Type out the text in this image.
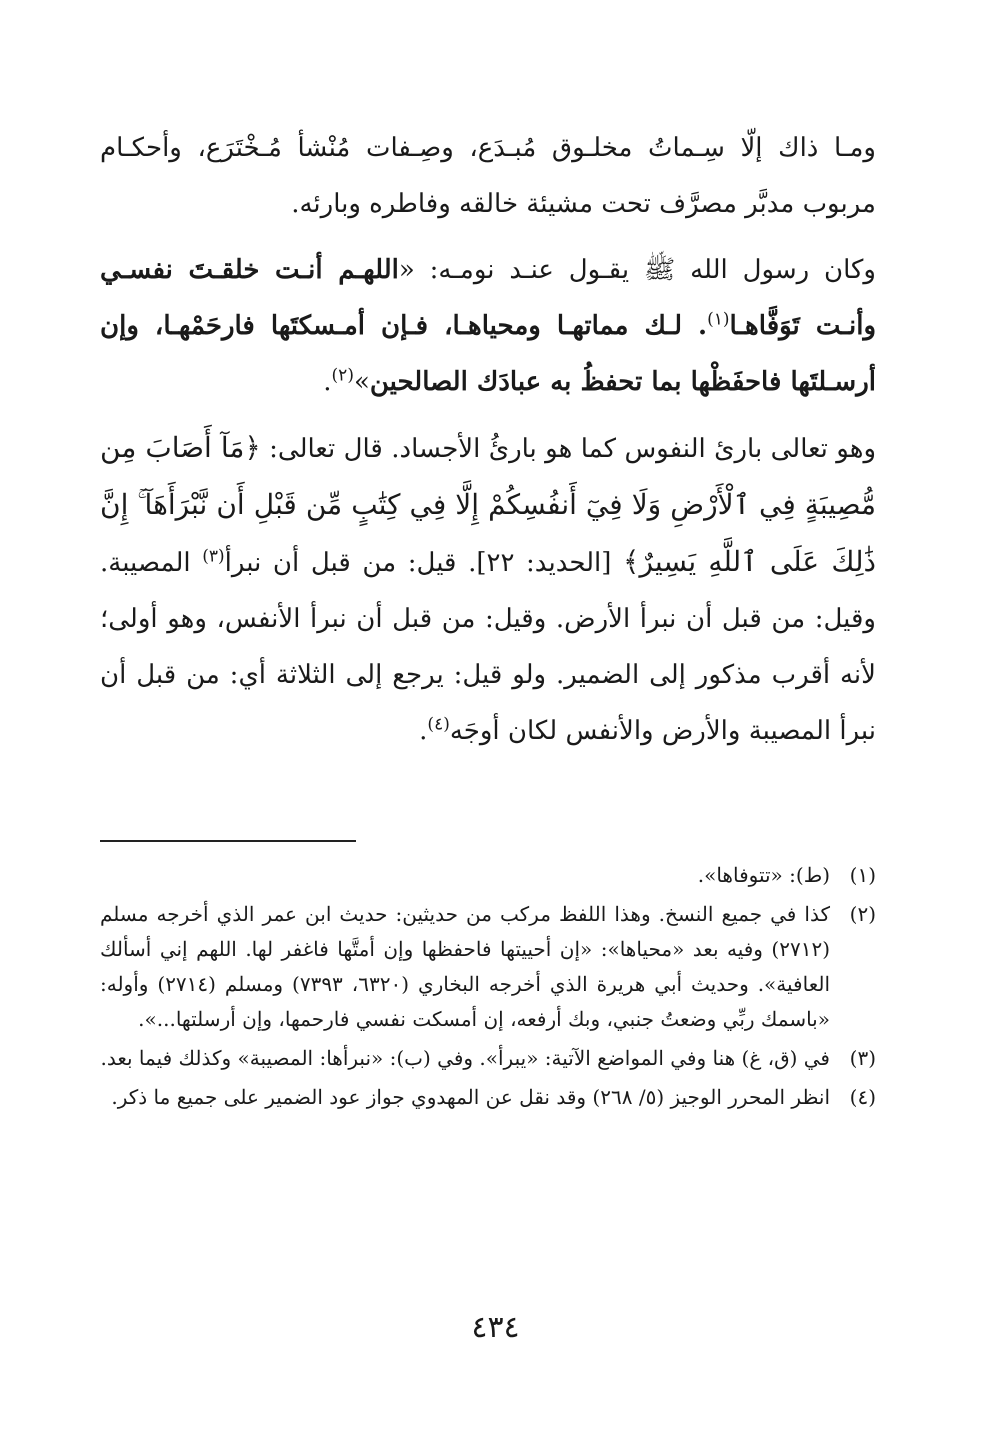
ومـا ذاك إلّا سِـماتُ مخلـوق مُبـدَع، وصِـفات مُنْشأ مُـخْتَرَع، وأحكـام مربوب مدبَّر مصرَّف تحت مشيئة خالقه وفاطره وبارئه.

وكان رسول الله ﷺ يقـول عنـد نومـه: «اللهـم أنـت خلقـتَ نفسـي وأنـت تَوَفَّاهـا$^{(١)}$. لـك مماتهـا ومحياهـا، فـإن أمـسكتَها فارحَمْهـا، وإن أرسـلتَها فاحفَظْها بما تحفظُ به عبادَك الصالحين»$^{(٢)}$.

وهو تعالى بارئ النفوس كما هو بارئُ الأجساد. قال تعالى: ﴿مَآ أَصَابَ مِن مُّصِيبَةٍ فِي ٱلْأَرْضِ وَلَا فِيٓ أَنفُسِكُمْ إِلَّا فِي كِتَٰبٍ مِّن قَبْلِ أَن نَّبْرَأَهَآ ۚ إِنَّ ذَٰلِكَ عَلَى ٱللَّهِ يَسِيرٌ﴾ [الحديد: ٢٢]. قيل: من قبل أن نبرأ$^{(٣)}$ المصيبة. وقيل: من قبل أن نبرأ الأرض. وقيل: من قبل أن نبرأ الأنفس، وهو أولى؛ لأنه أقرب مذكور إلى الضمير. ولو قيل: يرجع إلى الثلاثة أي: من قبل أن نبرأ المصيبة والأرض والأنفس لكان أوجَه$^{(٤)}$.

(١)
(ط): «تتوفاها».
(٢)
كذا في جميع النسخ. وهذا اللفظ مركب من حديثين: حديث ابن عمر الذي أخرجه مسلم (٢٧١٢) وفيه بعد «محياها»: «إن أحييتها فاحفظها وإن أمتَّها فاغفر لها. اللهم إني أسألك العافية». وحديث أبي هريرة الذي أخرجه البخاري (٦٣٢٠، ٧٣٩٣) ومسلم (٢٧١٤) وأوله: «باسمك ربِّي وضعتُ جنبي، وبك أرفعه، إن أمسكت نفسي فارحمها، وإن أرسلتها...».
(٣)
في (ق، غ) هنا وفي المواضع الآتية: «يبرأ». وفي (ب): «نبرأها: المصيبة» وكذلك فيما بعد.
(٤)
انظر المحرر الوجيز (٥/ ٢٦٨) وقد نقل عن المهدوي جواز عود الضمير على جميع ما ذكر.
٤٣٤
